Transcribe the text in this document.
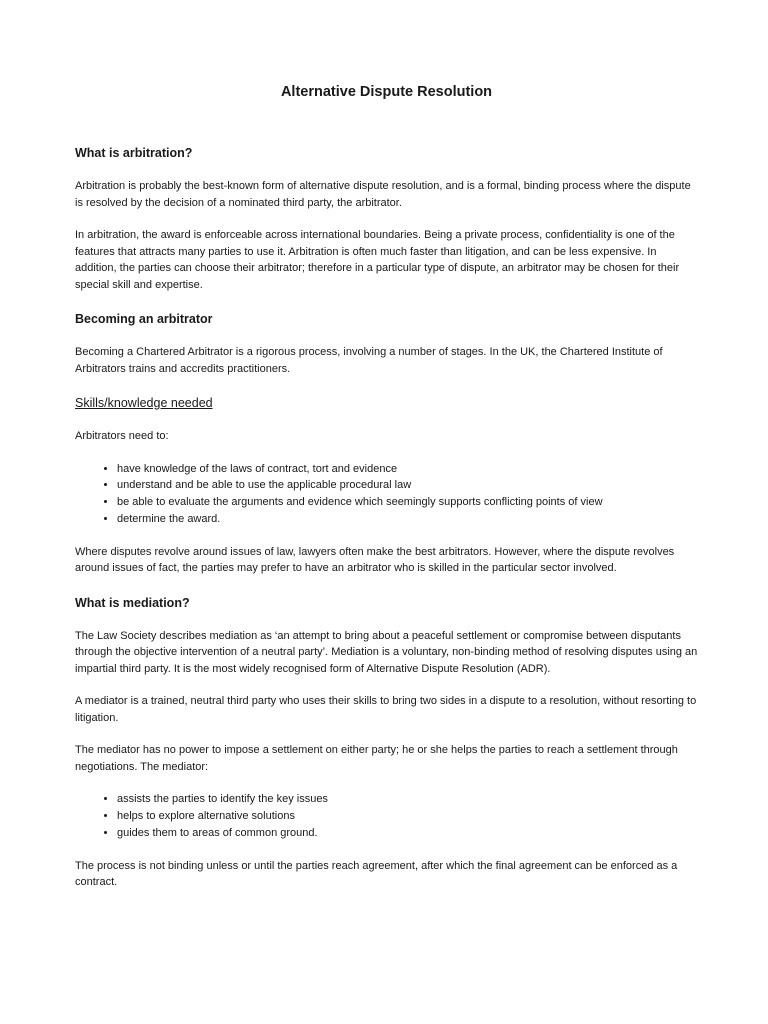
Alternative Dispute Resolution
What is arbitration?

Arbitration is probably the best-known form of alternative dispute resolution, and is a formal, binding process where the dispute is resolved by the decision of a nominated third party, the arbitrator.

In arbitration, the award is enforceable across international boundaries. Being a private process, confidentiality is one of the features that attracts many parties to use it. Arbitration is often much faster than litigation, and can be less expensive. In addition, the parties can choose their arbitrator; therefore in a particular type of dispute, an arbitrator may be chosen for their special skill and expertise.

Becoming an arbitrator

Becoming a Chartered Arbitrator is a rigorous process, involving a number of stages. In the UK, the Chartered Institute of Arbitrators trains and accredits practitioners.

Skills/knowledge needed

Arbitrators need to:

• have knowledge of the laws of contract, tort and evidence
• understand and be able to use the applicable procedural law
• be able to evaluate the arguments and evidence which seemingly supports conflicting points of view
• determine the award.

Where disputes revolve around issues of law, lawyers often make the best arbitrators. However, where the dispute revolves around issues of fact, the parties may prefer to have an arbitrator who is skilled in the particular sector involved.

What is mediation?

The Law Society describes mediation as ‘an attempt to bring about a peaceful settlement or compromise between disputants through the objective intervention of a neutral party’. Mediation is a voluntary, non-binding method of resolving disputes using an impartial third party. It is the most widely recognised form of Alternative Dispute Resolution (ADR).

A mediator is a trained, neutral third party who uses their skills to bring two sides in a dispute to a resolution, without resorting to litigation.

The mediator has no power to impose a settlement on either party; he or she helps the parties to reach a settlement through negotiations. The mediator:

• assists the parties to identify the key issues
• helps to explore alternative solutions
• guides them to areas of common ground.

The process is not binding unless or until the parties reach agreement, after which the final agreement can be enforced as a contract.
